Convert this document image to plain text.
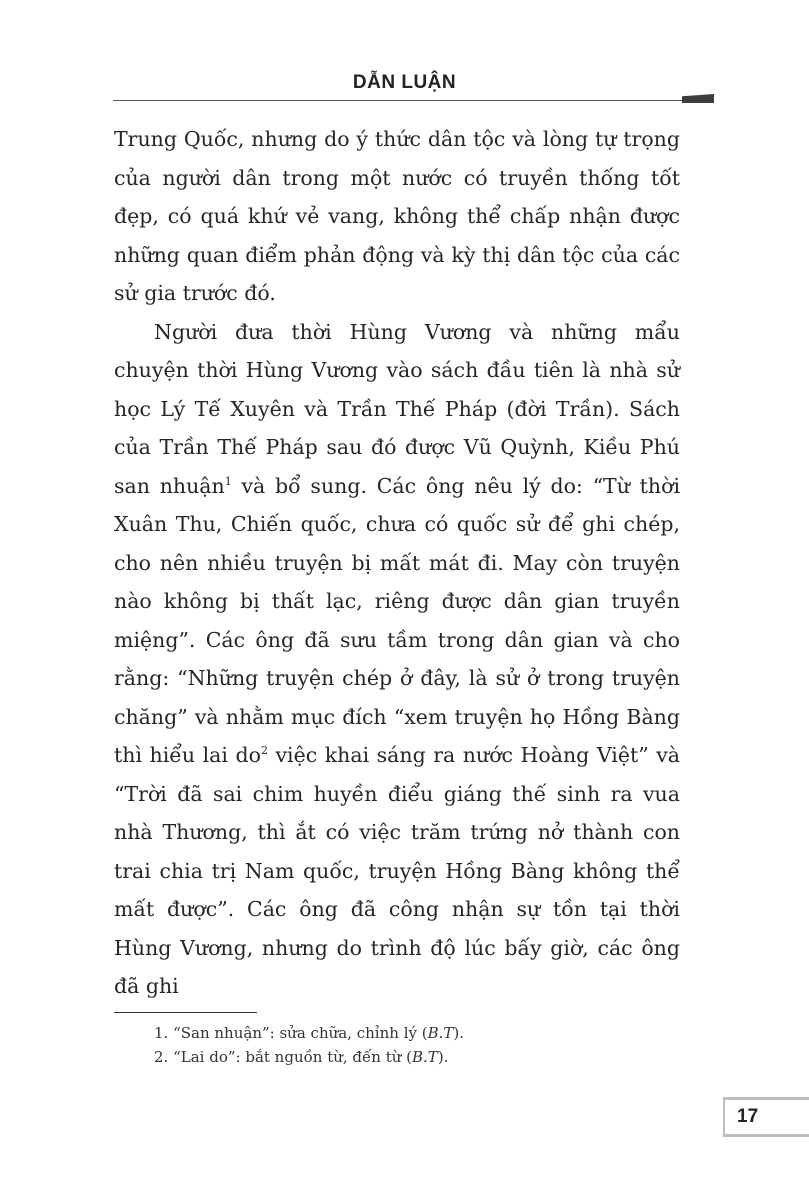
DẪN LUẬN

Trung Quốc, nhưng do ý thức dân tộc và lòng tự trọng của người dân trong một nước có truyền thống tốt đẹp, có quá khứ vẻ vang, không thể chấp nhận được những quan điểm phản động và kỳ thị dân tộc của các sử gia trước đó.

Người đưa thời Hùng Vương và những mẩu chuyện thời Hùng Vương vào sách đầu tiên là nhà sử học Lý Tế Xuyên và Trần Thế Pháp (đời Trần). Sách của Trần Thế Pháp sau đó được Vũ Quỳnh, Kiều Phú san nhuận$^1$ và bổ sung. Các ông nêu lý do: “Từ thời Xuân Thu, Chiến quốc, chưa có quốc sử để ghi chép, cho nên nhiều truyện bị mất mát đi. May còn truyện nào không bị thất lạc, riêng được dân gian truyền miệng”. Các ông đã sưu tầm trong dân gian và cho rằng: “Những truyện chép ở đây, là sử ở trong truyện chăng” và nhằm mục đích “xem truyện họ Hồng Bàng thì hiểu lai $do^2$ việc khai sáng ra nước Hoàng Việt” và “Trời đã sai chim huyền điểu giáng thế sinh ra vua nhà Thương, thì ắt có việc trăm trứng nở thành con trai chia trị Nam quốc, truyện Hồng Bàng không thể mất được”. Các ông đã công nhận sự tồn tại thời Hùng Vương, nhưng do trình độ lúc bấy giờ, các ông đã ghi

1. “San nhuận”: sửa chữa, chỉnh lý (B.T).

2. “Lai do”: bắt nguồn từ, đến từ (B.T).

17
